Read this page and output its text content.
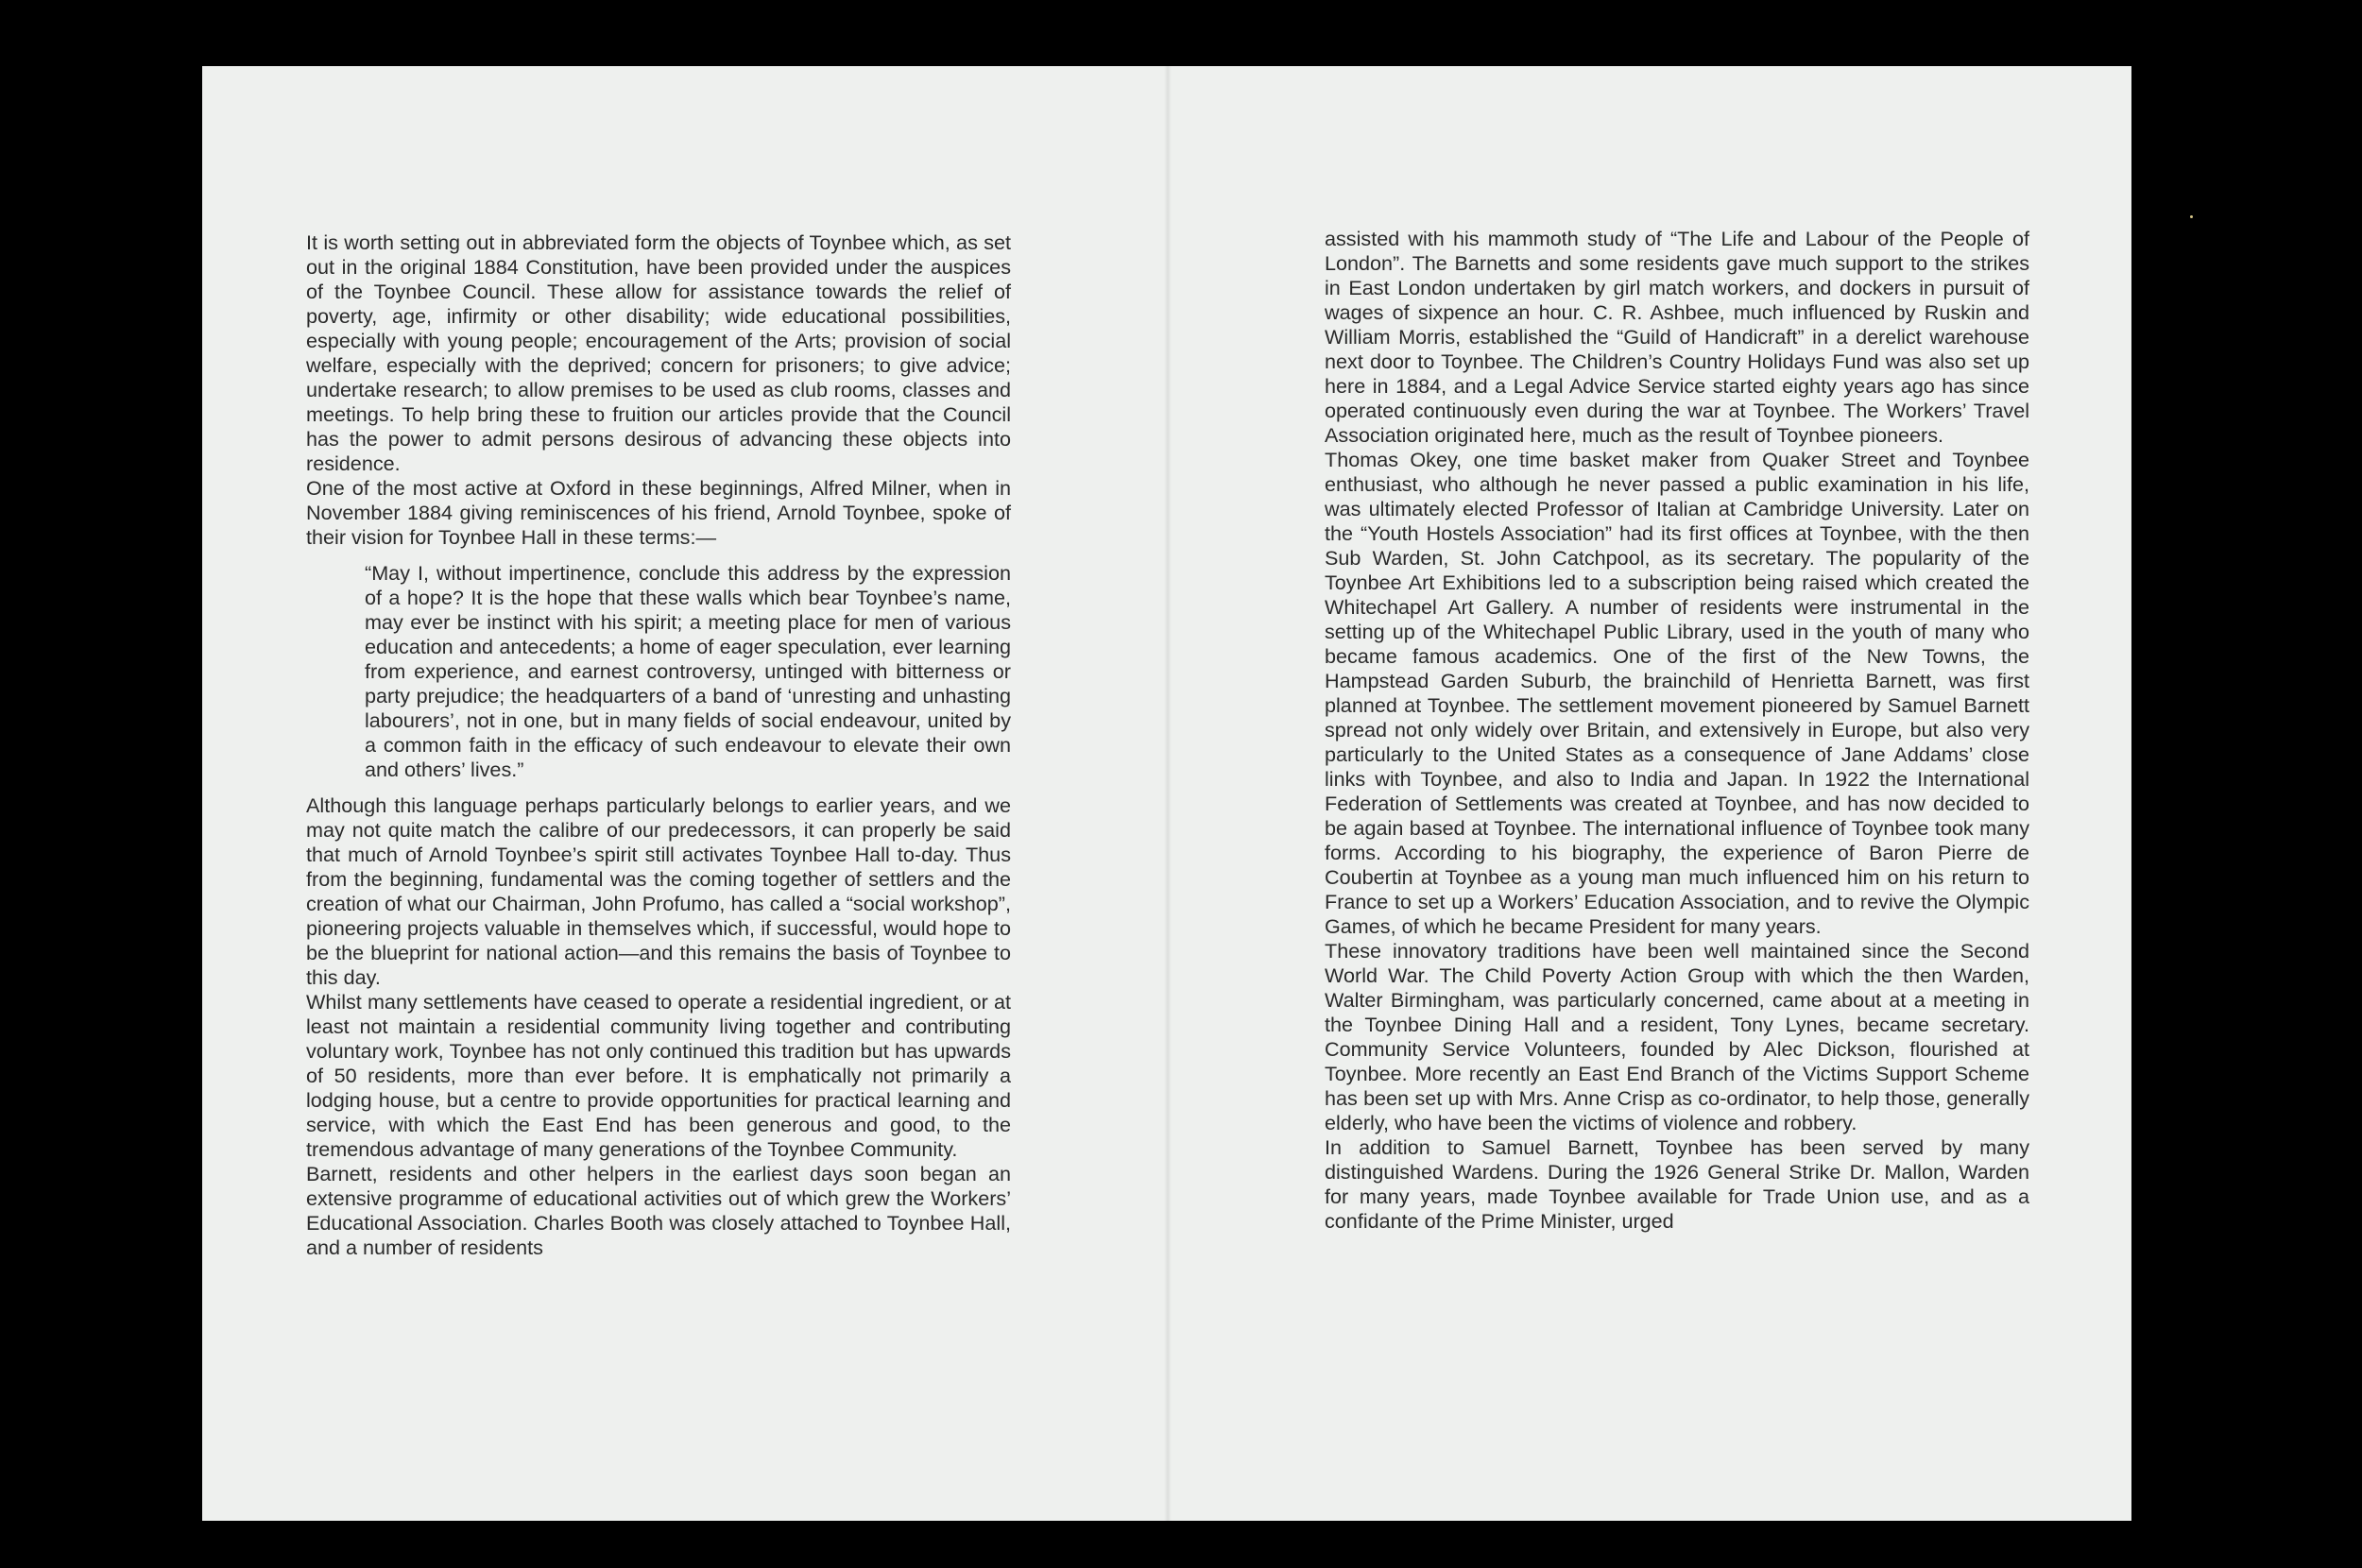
It is worth setting out in abbreviated form the objects of Toynbee which, as set out in the original 1884 Constitution, have been provided under the auspices of the Toynbee Council. These allow for assistance towards the relief of poverty, age, infirmity or other disability; wide educational possibilities, especially with young people; encouragement of the Arts; provision of social welfare, especially with the deprived; concern for prisoners; to give advice; undertake research; to allow premises to be used as club rooms, classes and meetings. To help bring these to fruition our articles provide that the Council has the power to admit persons desirous of advancing these objects into residence.

One of the most active at Oxford in these beginnings, Alfred Milner, when in November 1884 giving reminiscences of his friend, Arnold Toynbee, spoke of their vision for Toynbee Hall in these terms:—

“May I, without impertinence, conclude this address by the expression of a hope? It is the hope that these walls which bear Toynbee’s name, may ever be instinct with his spirit; a meeting place for men of various education and antecedents; a home of eager speculation, ever learning from experience, and earnest controversy, untinged with bitterness or party prejudice; the headquarters of a band of ‘unresting and unhasting labourers’, not in one, but in many fields of social endeavour, united by a common faith in the efficacy of such endeavour to elevate their own and others’ lives.”

Although this language perhaps particularly belongs to earlier years, and we may not quite match the calibre of our predecessors, it can properly be said that much of Arnold Toynbee’s spirit still activates Toynbee Hall to-day. Thus from the beginning, fundamental was the coming together of settlers and the creation of what our Chairman, John Profumo, has called a “social workshop”, pioneering projects valuable in themselves which, if successful, would hope to be the blueprint for national action—and this remains the basis of Toynbee to this day.

Whilst many settlements have ceased to operate a residential ingredient, or at least not maintain a residential community living together and contributing voluntary work, Toynbee has not only continued this tradition but has upwards of 50 residents, more than ever before. It is emphatically not primarily a lodging house, but a centre to provide opportunities for practical learning and service, with which the East End has been generous and good, to the tremendous advantage of many generations of the Toynbee Community.

Barnett, residents and other helpers in the earliest days soon began an extensive programme of educational activities out of which grew the Workers’ Educational Association. Charles Booth was closely attached to Toynbee Hall, and a number of residents

assisted with his mammoth study of “The Life and Labour of the People of London”. The Barnetts and some residents gave much support to the strikes in East London undertaken by girl match workers, and dockers in pursuit of wages of sixpence an hour. C. R. Ashbee, much influenced by Ruskin and William Morris, established the “Guild of Handicraft” in a derelict warehouse next door to Toynbee. The Children’s Country Holidays Fund was also set up here in 1884, and a Legal Advice Service started eighty years ago has since operated continuously even during the war at Toynbee. The Workers’ Travel Association originated here, much as the result of Toynbee pioneers.

Thomas Okey, one time basket maker from Quaker Street and Toynbee enthusiast, who although he never passed a public examination in his life, was ultimately elected Professor of Italian at Cambridge University. Later on the “Youth Hostels Association” had its first offices at Toynbee, with the then Sub Warden, St. John Catchpool, as its secretary. The popularity of the Toynbee Art Exhibitions led to a subscription being raised which created the Whitechapel Art Gallery. A number of residents were instrumental in the setting up of the Whitechapel Public Library, used in the youth of many who became famous academics. One of the first of the New Towns, the Hampstead Garden Suburb, the brainchild of Henrietta Barnett, was first planned at Toynbee. The settlement movement pioneered by Samuel Barnett spread not only widely over Britain, and extensively in Europe, but also very particularly to the United States as a consequence of Jane Addams’ close links with Toynbee, and also to India and Japan. In 1922 the International Federation of Settlements was created at Toynbee, and has now decided to be again based at Toynbee. The international influence of Toynbee took many forms. According to his biography, the experience of Baron Pierre de Coubertin at Toynbee as a young man much influenced him on his return to France to set up a Workers’ Education Association, and to revive the Olympic Games, of which he became President for many years.

These innovatory traditions have been well maintained since the Second World War. The Child Poverty Action Group with which the then Warden, Walter Birmingham, was particularly concerned, came about at a meeting in the Toynbee Dining Hall and a resident, Tony Lynes, became secretary. Community Service Volunteers, founded by Alec Dickson, flourished at Toynbee. More recently an East End Branch of the Victims Support Scheme has been set up with Mrs. Anne Crisp as co-ordinator, to help those, generally elderly, who have been the victims of violence and robbery.

In addition to Samuel Barnett, Toynbee has been served by many distinguished Wardens. During the 1926 General Strike Dr. Mallon, Warden for many years, made Toynbee available for Trade Union use, and as a confidante of the Prime Minister, urged
